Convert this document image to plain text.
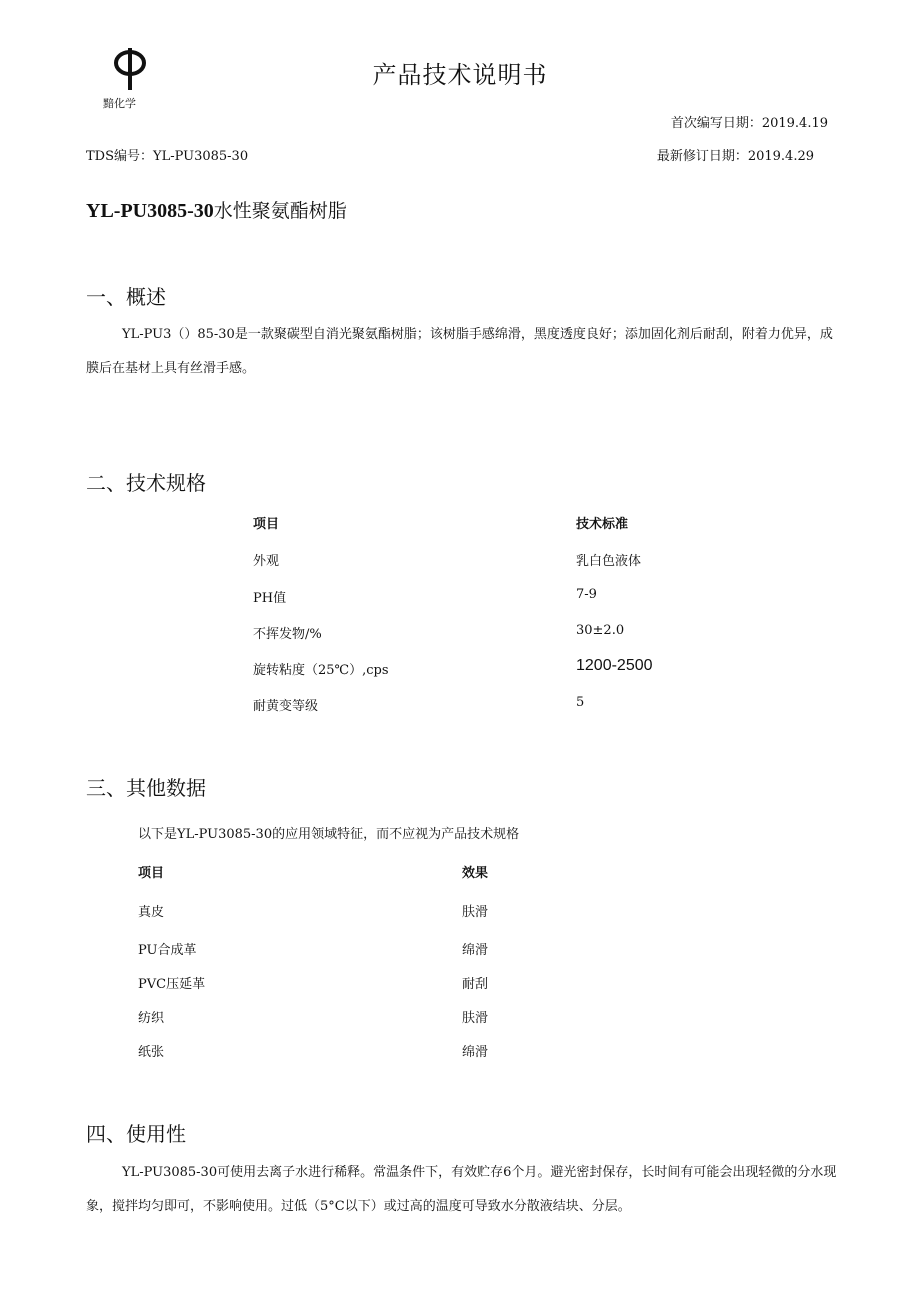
黯化学
产品技术说明书
首次编写日期：2019.4.19
TDS编号：YL-PU3085-30	最新修订日期：2019.4.29
YL-PU3085-30水性聚氨酯树脂
一、概述
YL-PU3（）85-30是一款聚碳型自消光聚氨酯树脂；该树脂手感绵滑，黑度透度良好；添加固化剂后耐刮，附着力优异，成膜后在基材上具有丝滑手感。
二、技术规格
项目	技术标准
外观	乳白色液体
PH值	7-9
不挥发物/%	30±2.0
旋转粘度（25℃）,cps	1200-2500
耐黄变等级	5
三、其他数据
以下是YL-PU3085-30的应用领域特征，而不应视为产品技术规格
项目	效果
真皮	肤滑
PU合成革	绵滑
PVC压延革	耐刮
纺织	肤滑
纸张	绵滑
四、使用性
YL-PU3085-30可使用去离子水进行稀释。常温条件下，有效贮存6个月。避光密封保存，长时间有可能会出现轻微的分水现象，搅拌均匀即可，不影响使用。过低（5°C以下）或过高的温度可导致水分散液结块、分层。
